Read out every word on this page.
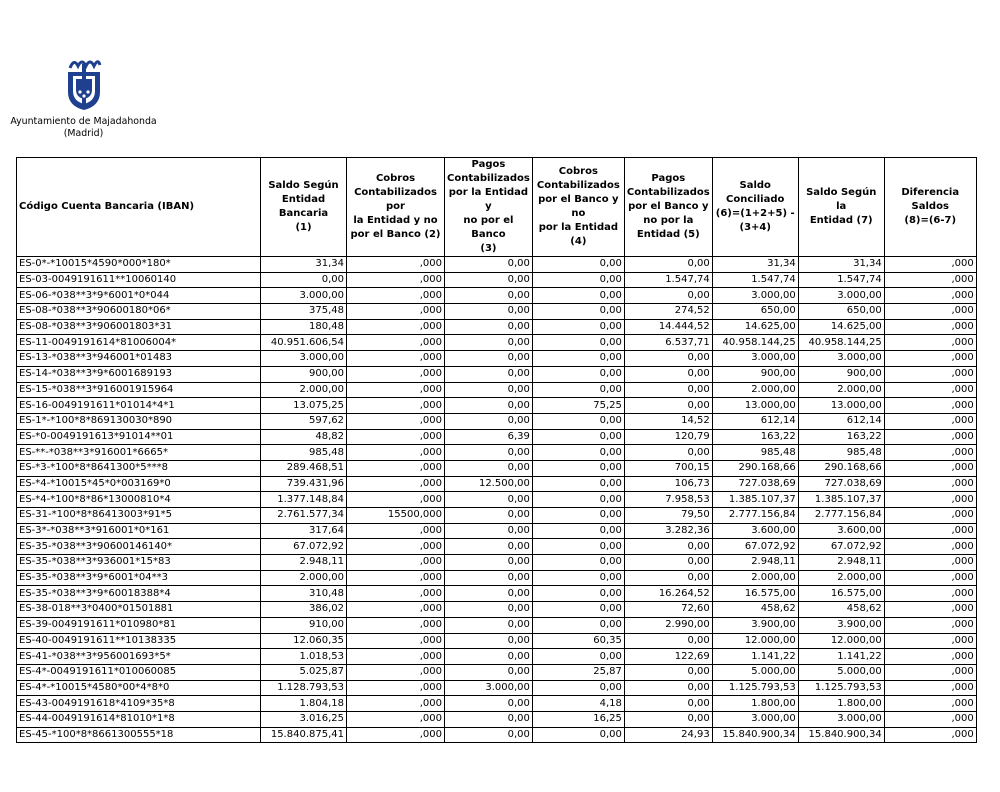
Ayuntamiento de Majadahonda
(Madrid)
Código Cuenta Bancaria (IBAN)	Saldo Según
Entidad Bancaria
(1)	Cobros
Contabilizados por
la Entidad y no
por el Banco (2)	Pagos
Contabilizados
por la Entidad y
no por el Banco
(3)	Cobros
Contabilizados
por el Banco y no
por la Entidad (4)	Pagos
Contabilizados
por el Banco y
no por la
Entidad (5)	Saldo
Conciliado
(6)=(1+2+5) -
(3+4)	Saldo Según la
Entidad (7)	Diferencia Saldos
(8)=(6-7)

ES-0*-*10015*4590*000*180*	31,34	,000	0,00	0,00	0,00	31,34	31,34	,000
ES-03-0049191611**10060140	0,00	,000	0,00	0,00	1.547,74	1.547,74	1.547,74	,000
ES-06-*038**3*9*6001*0*044	3.000,00	,000	0,00	0,00	0,00	3.000,00	3.000,00	,000
ES-08-*038**3*90600180*06*	375,48	,000	0,00	0,00	274,52	650,00	650,00	,000
ES-08-*038**3*906001803*31	180,48	,000	0,00	0,00	14.444,52	14.625,00	14.625,00	,000
ES-11-0049191614*81006004*	40.951.606,54	,000	0,00	0,00	6.537,71	40.958.144,25	40.958.144,25	,000
ES-13-*038**3*946001*01483	3.000,00	,000	0,00	0,00	0,00	3.000,00	3.000,00	,000
ES-14-*038**3*9*6001689193	900,00	,000	0,00	0,00	0,00	900,00	900,00	,000
ES-15-*038**3*916001915964	2.000,00	,000	0,00	0,00	0,00	2.000,00	2.000,00	,000
ES-16-0049191611*01014*4*1	13.075,25	,000	0,00	75,25	0,00	13.000,00	13.000,00	,000
ES-1*-*100*8*869130030*890	597,62	,000	0,00	0,00	14,52	612,14	612,14	,000
ES-*0-0049191613*91014**01	48,82	,000	6,39	0,00	120,79	163,22	163,22	,000
ES-**-*038**3*916001*6665*	985,48	,000	0,00	0,00	0,00	985,48	985,48	,000
ES-*3-*100*8*8641300*5***8	289.468,51	,000	0,00	0,00	700,15	290.168,66	290.168,66	,000
ES-*4-*10015*45*0*003169*0	739.431,96	,000	12.500,00	0,00	106,73	727.038,69	727.038,69	,000
ES-*4-*100*8*86*13000810*4	1.377.148,84	,000	0,00	0,00	7.958,53	1.385.107,37	1.385.107,37	,000
ES-31-*100*8*86413003*91*5	2.761.577,34	15500,000	0,00	0,00	79,50	2.777.156,84	2.777.156,84	,000
ES-3*-*038**3*916001*0*161	317,64	,000	0,00	0,00	3.282,36	3.600,00	3.600,00	,000
ES-35-*038**3*90600146140*	67.072,92	,000	0,00	0,00	0,00	67.072,92	67.072,92	,000
ES-35-*038**3*936001*15*83	2.948,11	,000	0,00	0,00	0,00	2.948,11	2.948,11	,000
ES-35-*038**3*9*6001*04**3	2.000,00	,000	0,00	0,00	0,00	2.000,00	2.000,00	,000
ES-35-*038**3*9*60018388*4	310,48	,000	0,00	0,00	16.264,52	16.575,00	16.575,00	,000
ES-38-018**3*0400*01501881	386,02	,000	0,00	0,00	72,60	458,62	458,62	,000
ES-39-0049191611*010980*81	910,00	,000	0,00	0,00	2.990,00	3.900,00	3.900,00	,000
ES-40-0049191611**10138335	12.060,35	,000	0,00	60,35	0,00	12.000,00	12.000,00	,000
ES-41-*038**3*956001693*5*	1.018,53	,000	0,00	0,00	122,69	1.141,22	1.141,22	,000
ES-4*-0049191611*010060085	5.025,87	,000	0,00	25,87	0,00	5.000,00	5.000,00	,000
ES-4*-*10015*4580*00*4*8*0	1.128.793,53	,000	3.000,00	0,00	0,00	1.125.793,53	1.125.793,53	,000
ES-43-0049191618*4109*35*8	1.804,18	,000	0,00	4,18	0,00	1.800,00	1.800,00	,000
ES-44-0049191614*81010*1*8	3.016,25	,000	0,00	16,25	0,00	3.000,00	3.000,00	,000
ES-45-*100*8*8661300555*18	15.840.875,41	,000	0,00	0,00	24,93	15.840.900,34	15.840.900,34	,000
